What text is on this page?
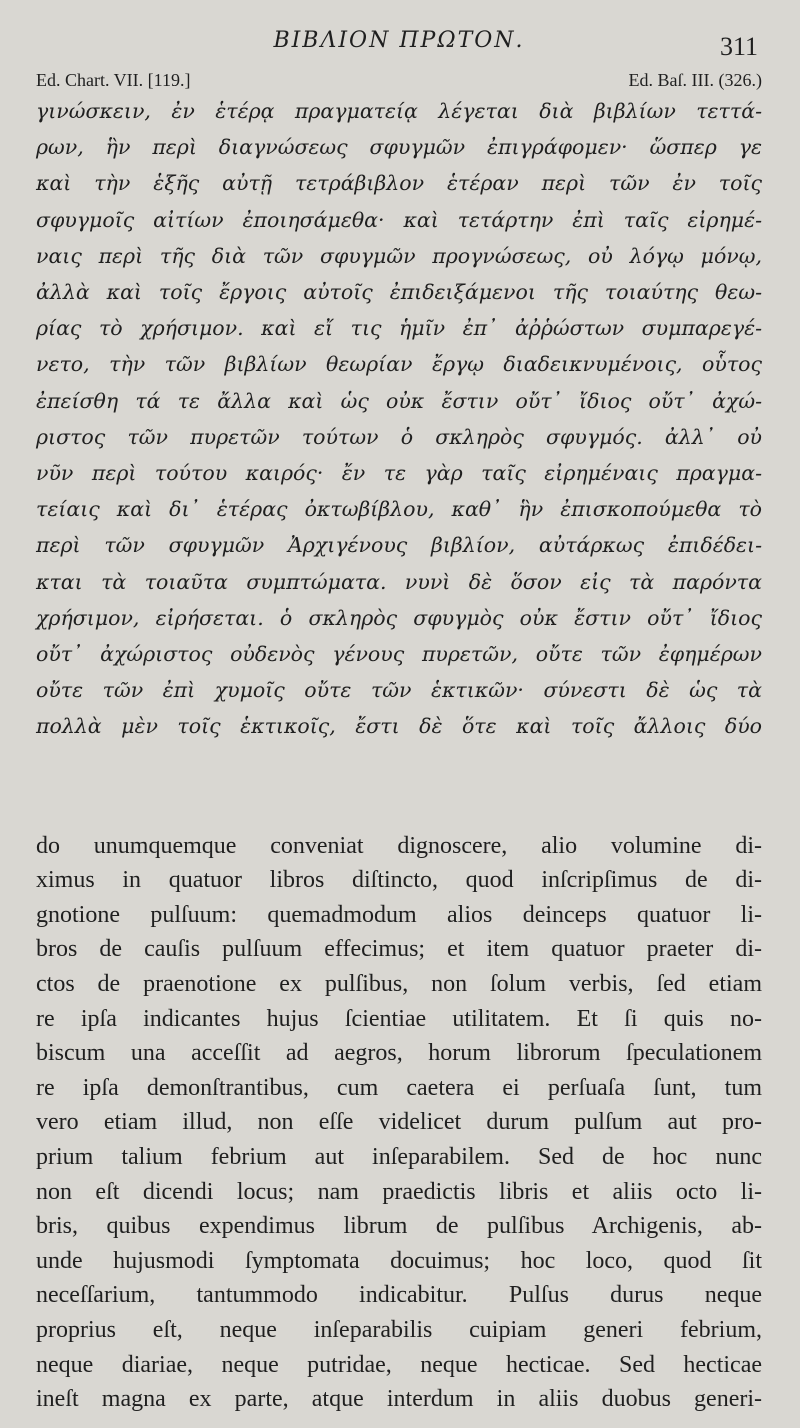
ΒΙΒΛΙΟΝ ΠΡΩΤΟΝ.	311
Ed. Chart. VII. [119.]	Ed. Baſ. III. (326.)
γινώσκειν, ἐν ἑτέρᾳ πραγματείᾳ λέγεται διὰ βιβλίων τεττά-
ρων, ἣν περὶ διαγνώσεως σφυγμῶν ἐπιγράφομεν· ὥσπερ γε
καὶ τὴν ἑξῆς αὐτῇ τετράβιβλον ἑτέραν περὶ τῶν ἐν τοῖς
σφυγμοῖς αἰτίων ἐποιησάμεθα· καὶ τετάρτην ἐπὶ ταῖς εἰρημέ-
ναις περὶ τῆς διὰ τῶν σφυγμῶν προγνώσεως, οὐ λόγῳ μόνῳ,
ἀλλὰ καὶ τοῖς ἔργοις αὐτοῖς ἐπιδειξάμενοι τῆς τοιαύτης θεω-
ρίας τὸ χρήσιμον. καὶ εἴ τις ἡμῖν ἐπ᾽ ἀῤῥώστων συμπαρεγέ-
νετο, τὴν τῶν βιβλίων θεωρίαν ἔργῳ διαδεικνυμένοις, οὗτος
ἐπείσθη τά τε ἄλλα καὶ ὡς οὐκ ἔστιν οὔτ᾽ ἴδιος οὔτ᾽ ἀχώ-
ριστος τῶν πυρετῶν τούτων ὁ σκληρὸς σφυγμός. ἀλλ᾽ οὐ
νῦν περὶ τούτου καιρός· ἔν τε γὰρ ταῖς εἰρημέναις πραγμα-
τείαις καὶ δι᾽ ἑτέρας ὀκτωβίβλου, καθ᾽ ἣν ἐπισκοπούμεθα τὸ
περὶ τῶν σφυγμῶν Ἀρχιγένους βιβλίον, αὐτάρκως ἐπιδέδει-
κται τὰ τοιαῦτα συμπτώματα. νυνὶ δὲ ὅσον εἰς τὰ παρόντα
χρήσιμον, εἰρήσεται. ὁ σκληρὸς σφυγμὸς οὐκ ἔστιν οὔτ᾽ ἴδιος
οὔτ᾽ ἀχώριστος οὐδενὸς γένους πυρετῶν, οὔτε τῶν ἐφημέρων
οὔτε τῶν ἐπὶ χυμοῖς οὔτε τῶν ἑκτικῶν· σύνεστι δὲ ὡς τὰ
πολλὰ μὲν τοῖς ἑκτικοῖς, ἔστι δὲ ὅτε καὶ τοῖς ἄλλοις δύο
do unumquemque conveniat dignoscere, alio volumine di-
ximus in quatuor libros diſtincto, quod inſcripſimus de di-
gnotione pulſuum: quemadmodum alios deinceps quatuor li-
bros de cauſis pulſuum effecimus; et item quatuor praeter di-
ctos de praenotione ex pulſibus, non ſolum verbis, ſed etiam
re ipſa indicantes hujus ſcientiae utilitatem. Et ſi quis no-
biscum una acceſſit ad aegros, horum librorum ſpeculationem
re ipſa demonſtrantibus, cum caetera ei perſuaſa ſunt, tum
vero etiam illud, non eſſe videlicet durum pulſum aut pro-
prium talium febrium aut inſeparabilem. Sed de hoc nunc
non eſt dicendi locus; nam praedictis libris et aliis octo li-
bris, quibus expendimus librum de pulſibus Archigenis, ab-
unde hujusmodi ſymptomata docuimus; hoc loco, quod ſit
neceſſarium, tantummodo indicabitur. Pulſus durus neque
proprius eſt, neque inſeparabilis cuipiam generi febrium,
neque diariae, neque putridae, neque hecticae. Sed hecticae
ineſt magna ex parte, atque interdum in aliis duobus generi-
